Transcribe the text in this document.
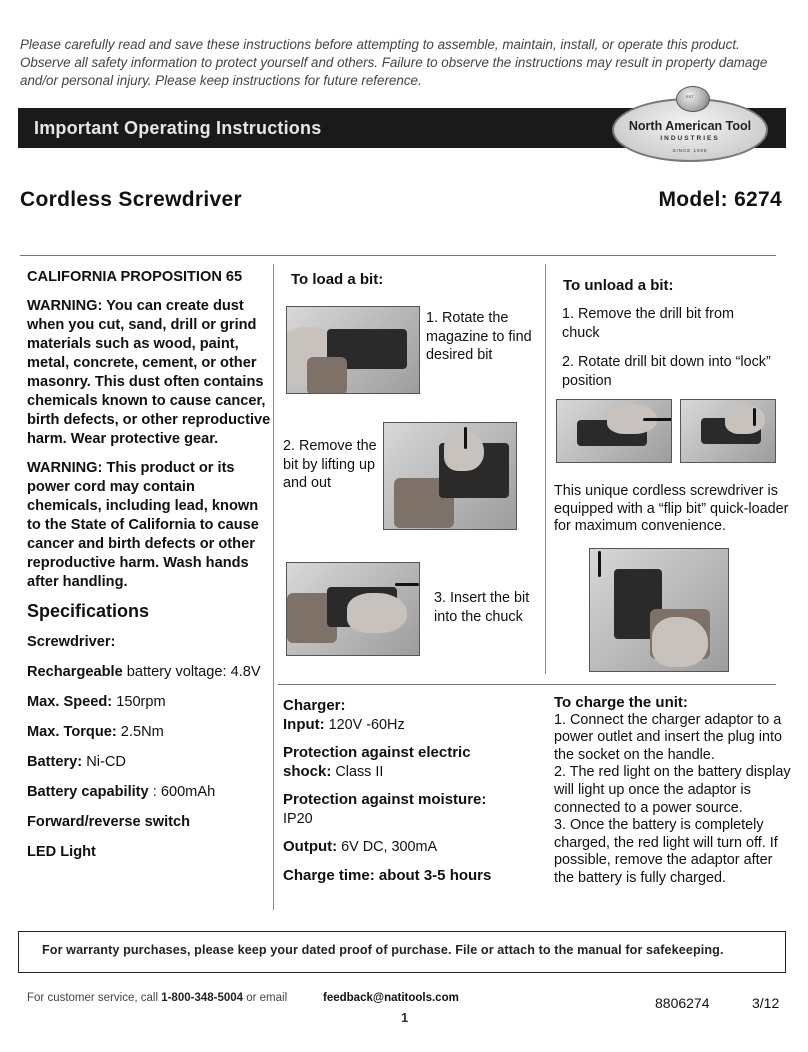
Please carefully read and save these instructions before attempting to assemble, maintain, install, or operate this product. Observe all safety information to protect yourself and others. Failure to observe the instructions may result in property damage and/or personal injury. Please keep instructions for future reference.
Important Operating Instructions
EST
North American Tool
INDUSTRIES
SINCE 1908
Cordless Screwdriver	Model: 6274

CALIFORNIA PROPOSITION 65

WARNING: You can create dust when you cut, sand, drill or grind materials such as wood, paint, metal, concrete, cement, or other masonry. This dust often contains chemicals known to cause cancer, birth defects, or other reproductive harm. Wear protective gear.

WARNING: This product or its power cord may contain chemicals, including lead, known to the State of California to cause cancer and birth defects or other reproductive harm. Wash hands after handling.

Specifications
Screwdriver:
Rechargeable battery voltage: 4.8V
Max. Speed: 150rpm
Max. Torque: 2.5Nm
Battery: Ni-CD
Battery capability : 600mAh
Forward/reverse switch
LED Light
To load a bit:
1. Rotate the magazine to find desired bit
2. Remove the bit by lifting up and out
3. Insert the bit into the chuck
To unload a bit:
1. Remove the drill bit from chuck
2. Rotate drill bit down into “lock” position
This unique cordless screwdriver is equipped with a “flip bit” quick-loader for maximum convenience.

Charger:
Input: 120V -60Hz

Protection against electric
shock: Class II

Protection against moisture:
IP20

Output: 6V DC, 300mA

Charge time: about 3-5 hours

To charge the unit:
1. Connect the charger adaptor to a power outlet and insert the plug into the socket on the handle.
2. The red light on the battery display will light up once the adaptor is connected to a power source.
3. Once the battery is completely charged, the red light will turn off. If possible, remove the adaptor after the battery is fully charged.
For warranty purchases, please keep your dated proof of purchase. File or attach to the manual for safekeeping.
For customer service, call 1-800-348-5004 or email	feedback@natitools.com	8806274	3/12
1
